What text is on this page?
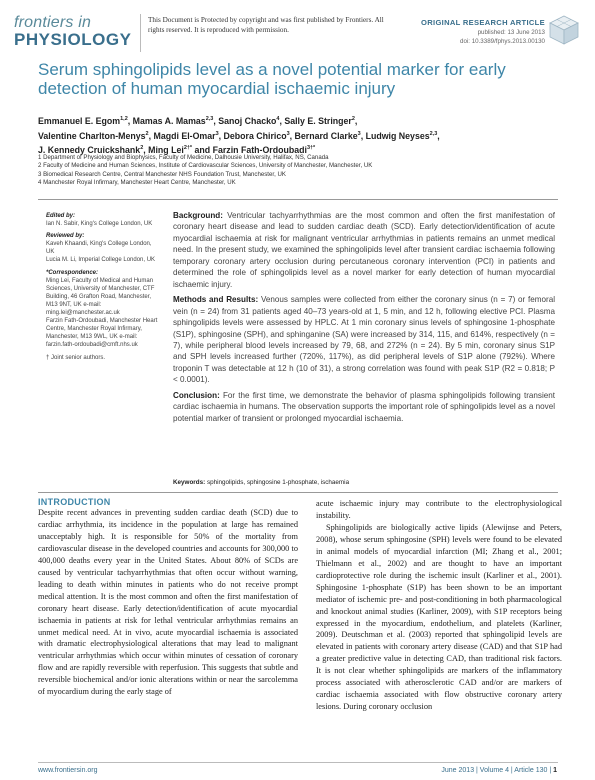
frontiers in
PHYSIOLOGY
This Document is Protected by copyright and was first published by Frontiers. All rights reserved. It is reproduced with permission.
ORIGINAL RESEARCH ARTICLE
published: 13 June 2013
doi: 10.3389/fphys.2013.00130
Serum sphingolipids level as a novel potential marker for early detection of human myocardial ischaemic injury
Emmanuel E. Egom$^{1,2}$, Mamas A. Mamas$^{2,3}$, Sanoj Chacko$^4$, Sally E. Stringer$^2$,
Valentine Charlton-Menys$^2$, Magdi El-Omar$^3$, Debora Chirico$^3$, Bernard Clarke$^3$, Ludwig Neyses$^{2,3}$,
J. Kennedy Cruickshank$^2$, Ming Lei$^{2\dagger*}$ and Farzin Fath-Ordoubadi$^{3\dagger*}$
1 Department of Physiology and Biophysics, Faculty of Medicine, Dalhousie University, Halifax, NS, Canada
2 Faculty of Medicine and Human Sciences, Institute of Cardiovascular Sciences, University of Manchester, Manchester, UK
3 Biomedical Research Centre, Central Manchester NHS Foundation Trust, Manchester, UK
4 Manchester Royal Infirmary, Manchester Heart Centre, Manchester, UK

Edited by:
Ian N. Sabir, King's College London, UK

Reviewed by:
Kaveh Khaandi, King's College London, UK
Lucia M. Li, Imperial College London, UK

*Correspondence:
Ming Lei, Faculty of Medical and Human Sciences, University of Manchester, CTF Building, 46 Grafton Road, Manchester, M13 9NT, UK e-mail: ming.lei@manchester.ac.uk
Farzin Fath-Ordoubadi, Manchester Heart Centre, Manchester Royal Infirmary, Manchester, M13 9WL, UK e-mail: farzin.fath-ordoubadi@cmft.nhs.uk

† Joint senior authors.

Background: Ventricular tachyarrhythmias are the most common and often the first manifestation of coronary heart disease and lead to sudden cardiac death (SCD). Early detection/identification of acute myocardial ischaemia at risk for malignant ventricular arrhythmias in patients remains an unmet medical need. In the present study, we examined the sphingolipids level after transient cardiac ischaemia following temporary coronary artery occlusion during percutaneous coronary intervention (PCI) in patients and determined the role of sphingolipids level as a novel marker for early detection of human myocardial ischaemic injury.

Methods and Results: Venous samples were collected from either the coronary sinus (n = 7) or femoral vein (n = 24) from 31 patients aged 40–73 years-old at 1, 5 min, and 12 h, following elective PCI. Plasma sphingolipids levels were assessed by HPLC. At 1 min coronary sinus levels of sphingosine 1-phosphate (S1P), sphingosine (SPH), and sphinganine (SA) were increased by 314, 115, and 614%, respectively (n = 7), while peripheral blood levels increased by 79, 68, and 272% (n = 24). By 5 min, coronary sinus S1P and SPH levels increased further (720%, 117%), as did peripheral levels of S1P alone (792%). Where troponin T was detectable at 12 h (10 of 31), a strong correlation was found with peak S1P (R2 = 0.818; P < 0.0001).

Conclusion: For the first time, we demonstrate the behavior of plasma sphingolipids following transient cardiac ischaemia in humans. The observation supports the important role of sphingolipids level as a novel potential marker of transient or prolonged myocardial ischaemia.

Keywords: sphingolipids, sphingosine 1-phosphate, ischaemia
INTRODUCTION

Despite recent advances in preventing sudden cardiac death (SCD) due to cardiac arrhythmia, its incidence in the population at large has remained unacceptably high. It is responsible for 50% of the mortality from cardiovascular disease in the developed countries and accounts for 300,000 to 400,000 deaths every year in the United States. About 80% of SCDs are caused by ventricular tachyarrhythmias that often occur without warning, leading to death within minutes in patients who do not receive prompt medical attention. It is the most common and often the first manifestation of coronary heart disease. Early detection/identification of acute myocardial ischaemia in patients at risk for lethal ventricular arrhythmias remains an unmet medical need. At in vivo, acute myocardial ischaemia is associated with dramatic electrophysiological alterations that may lead to malignant ventricular arrhythmias which occur within minutes of cessation of coronary flow and are rapidly reversible with reperfusion. This suggests that subtle and reversible biochemical and/or ionic alterations within or near the sarcolemma of myocardium during the early stage of

acute ischaemic injury may contribute to the electrophysiological instability.

Sphingolipids are biologically active lipids (Alewijnse and Peters, 2008), whose serum sphingosine (SPH) levels were found to be elevated in animal models of myocardial infarction (MI; Zhang et al., 2001; Thielmann et al., 2002) and are thought to have an important cardioprotective role during the ischemic insult (Karliner et al., 2001). Sphingosine 1-phosphate (S1P) has been shown to be an important mediator of ischemic pre- and post-conditioning in both pharmacological and knockout animal studies (Karliner, 2009), with S1P receptors being expressed in the myocardium, endothelium, and platelets (Karliner, 2009). Deutschman et al. (2003) reported that sphingolipid levels are elevated in patients with coronary artery disease (CAD) and that S1P had a greater predictive value in detecting CAD, than traditional risk factors. It is not clear whether sphingolipids are markers of the inflammatory process associated with atherosclerotic CAD and/or are markers of cardiac ischaemia associated with flow obstructive coronary artery lesions. During coronary occlusion

www.frontiersin.org	June 2013 | Volume 4 | Article 130 | 1
